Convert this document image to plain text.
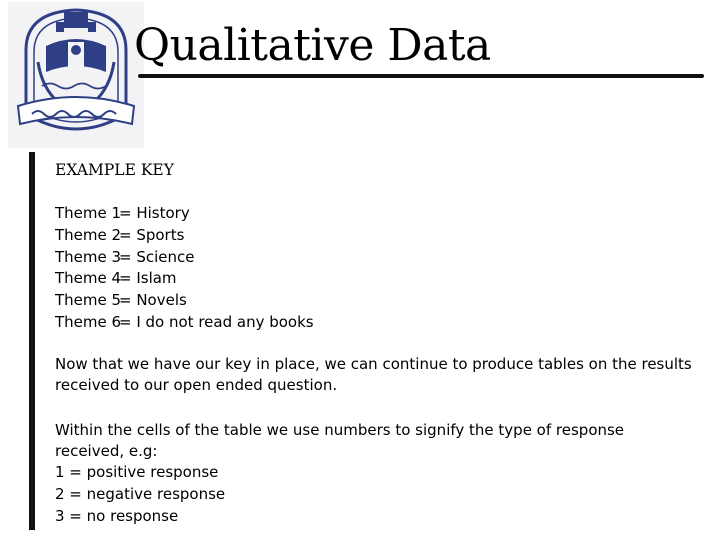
Qualitative Data
EXAMPLE KEY
Theme 1= History
Theme 2= Sports
Theme 3= Science
Theme 4= Islam
Theme 5= Novels
Theme 6= I do not read any books
Now that we have our key in place, we can continue to produce tables on the results received to our open ended question.
Within the cells of the table we use numbers to signify the type of response received, e.g:
1 = positive response
2 = negative response
3 = no response
